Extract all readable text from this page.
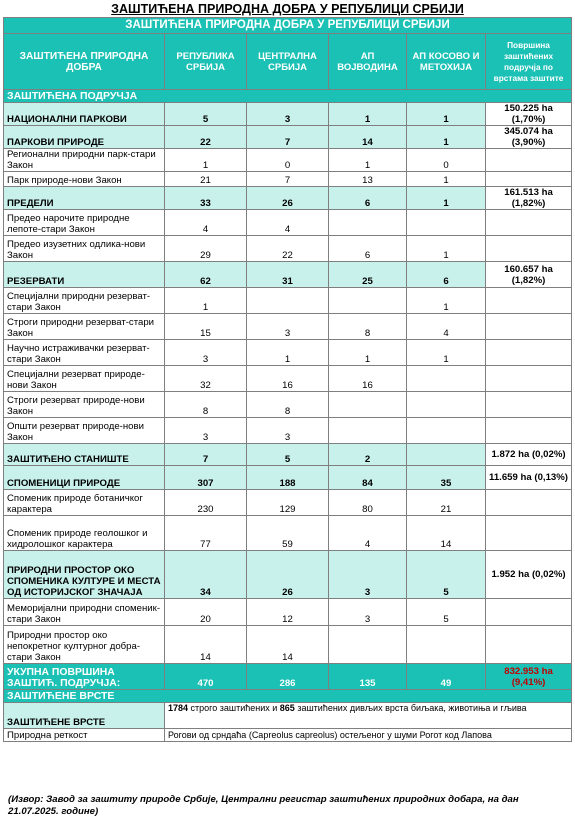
ЗАШТИЋЕНА ПРИРОДНА ДОБРА У РЕПУБЛИЦИ СРБИЈИ
ЗАШТИЋЕНА ПРИРОДНА ДОБРА У РЕПУБЛИЦИ СРБИЈИ					
ЗАШТИЋЕНА ПРИРОДНА ДОБРА	РЕПУБЛИКА СРБИЈА	ЦЕНТРАЛНА СРБИЈА	АП ВОЈВОДИНА	АП КОСОВО И МЕТОХИЈА	Површина заштићених подручја по врстама заштите
ЗАШТИЋЕНА ПОДРУЧЈА					
НАЦИОНАЛНИ ПАРКОВИ	5	3	1	1	150.225 ha (1,70%)
ПАРКОВИ ПРИРОДЕ	22	7	14	1	345.074 ha (3,90%)
Регионални природни парк-стари Закон	1	0	1	0	
Парк природе-нови Закон	21	7	13	1	
ПРЕДЕЛИ	33	26	6	1	161.513 ha (1,82%)
Предео нарочите природне лепоте-стари Закон	4	4			
Предео изузетних одлика-нови Закон	29	22	6	1	
РЕЗЕРВАТИ	62	31	25	6	160.657 ha (1,82%)
Специјални природни резерват-стари Закон	1			1	
Строги природни резерват-стари Закон	15	3	8	4	
Научно истраживачки резерват-стари Закон	3	1	1	1	
Специјални резерват природе-нови Закон	32	16	16		
Строги резерват природе-нови Закон	8	8			
Општи резерват природе-нови Закон	3	3			
ЗАШТИЋЕНО СТАНИШТЕ	7	5	2		1.872 ha (0,02%)
СПОМЕНИЦИ ПРИРОДЕ	307	188	84	35	11.659 ha (0,13%)
Споменик природе ботаничког карактера	230	129	80	21	
Споменик природе геолошког и хидролошког карактера	77	59	4	14	
ПРИРОДНИ ПРОСТОР ОКО СПОМЕНИКА КУЛТУРЕ И МЕСТА ОД ИСТОРИЈСКОГ ЗНАЧАЈА	34	26	3	5	1.952 ha (0,02%)
Меморијални природни споменик-стари Закон	20	12	3	5	
Природни простор око непокретног културног добра-стари Закон	14	14			
УКУПНА ПОВРШИНА ЗАШТИЋ. ПОДРУЧЈА:	470	286	135	49	832.953 ha (9,41%)
ЗАШТИЋЕНЕ ВРСТЕ					
ЗАШТИЋЕНЕ ВРСТЕ	1784 строго заштићених и 865 заштићених дивљих врста биљака, животиња и гљива				
Природна реткост	Рогови од срндаћа (Capreolus capreolus) остељеног у шуми Рогот код Лапова				
(Извор: Завод за заштиту природе Србије, Централни регистар заштићених природних добара, на дан 21.07.2025. године)
